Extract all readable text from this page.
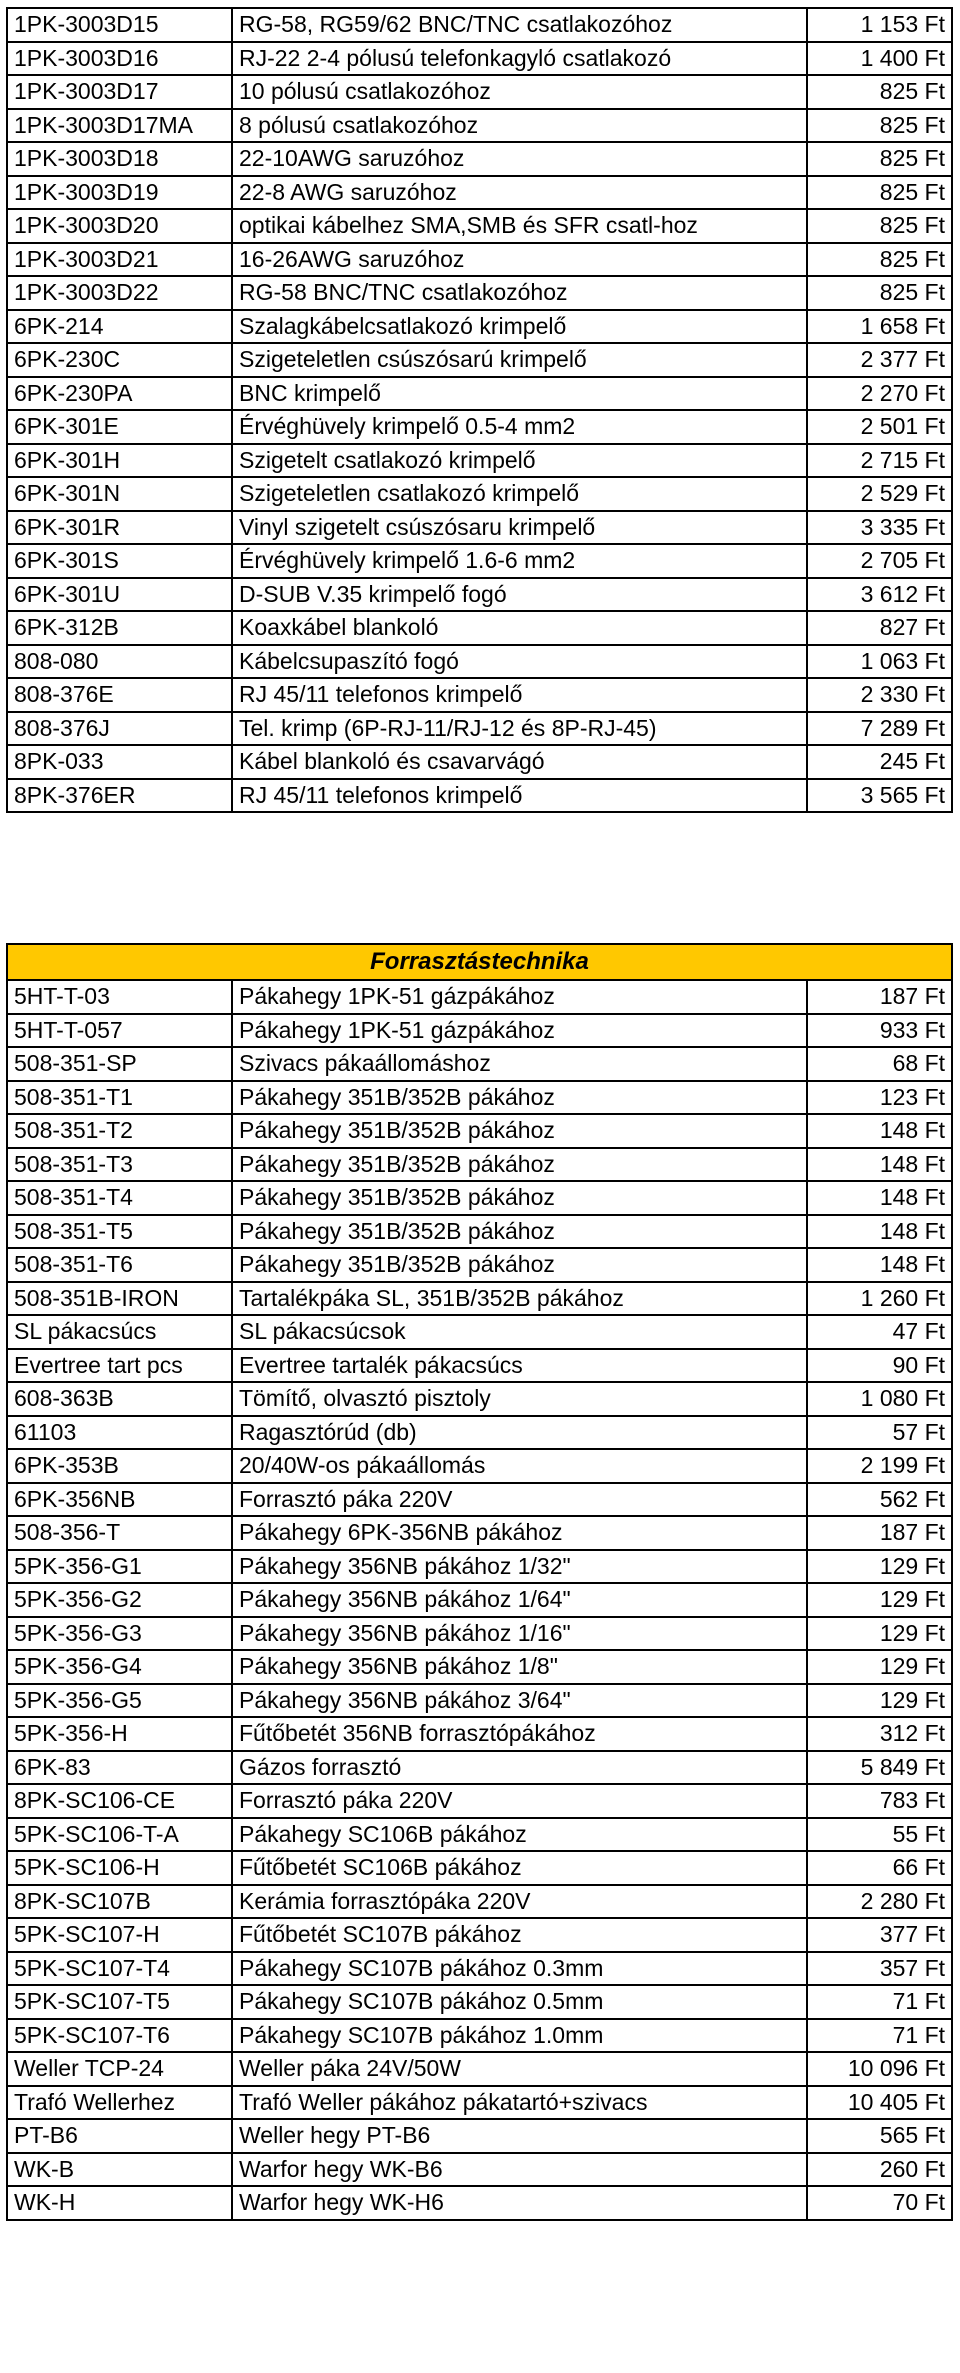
1PK-3003D15	RG-58, RG59/62 BNC/TNC csatlakozóhoz	1 153 Ft
1PK-3003D16	RJ-22 2-4 pólusú telefonkagyló csatlakozó	1 400 Ft
1PK-3003D17	10 pólusú csatlakozóhoz	825 Ft
1PK-3003D17MA	8 pólusú csatlakozóhoz	825 Ft
1PK-3003D18	22-10AWG saruzóhoz	825 Ft
1PK-3003D19	22-8 AWG saruzóhoz	825 Ft
1PK-3003D20	optikai kábelhez SMA,SMB és SFR csatl-hoz	825 Ft
1PK-3003D21	16-26AWG saruzóhoz	825 Ft
1PK-3003D22	RG-58 BNC/TNC csatlakozóhoz	825 Ft
6PK-214	Szalagkábelcsatlakozó krimpelő	1 658 Ft
6PK-230C	Szigeteletlen csúszósarú krimpelő	2 377 Ft
6PK-230PA	BNC krimpelő	2 270 Ft
6PK-301E	Érvéghüvely krimpelő 0.5-4 mm2	2 501 Ft
6PK-301H	Szigetelt csatlakozó krimpelő	2 715 Ft
6PK-301N	Szigeteletlen csatlakozó krimpelő	2 529 Ft
6PK-301R	Vinyl szigetelt csúszósaru krimpelő	3 335 Ft
6PK-301S	Érvéghüvely krimpelő 1.6-6 mm2	2 705 Ft
6PK-301U	D-SUB V.35 krimpelő fogó	3 612 Ft
6PK-312B	Koaxkábel blankoló	827 Ft
808-080	Kábelcsupaszító fogó	1 063 Ft
808-376E	RJ 45/11 telefonos krimpelő	2 330 Ft
808-376J	Tel. krimp (6P-RJ-11/RJ-12 és 8P-RJ-45)	7 289 Ft
8PK-033	Kábel blankoló és csavarvágó	245 Ft
8PK-376ER	RJ 45/11 telefonos krimpelő	3 565 Ft
Forrasztástechnika		
5HT-T-03	Pákahegy 1PK-51 gázpákához	187 Ft
5HT-T-057	Pákahegy 1PK-51 gázpákához	933 Ft
508-351-SP	Szivacs pákaállomáshoz	68 Ft
508-351-T1	Pákahegy 351B/352B pákához	123 Ft
508-351-T2	Pákahegy 351B/352B pákához	148 Ft
508-351-T3	Pákahegy 351B/352B pákához	148 Ft
508-351-T4	Pákahegy 351B/352B pákához	148 Ft
508-351-T5	Pákahegy 351B/352B pákához	148 Ft
508-351-T6	Pákahegy 351B/352B pákához	148 Ft
508-351B-IRON	Tartalékpáka SL, 351B/352B pákához	1 260 Ft
SL pákacsúcs	SL pákacsúcsok	47 Ft
Evertree tart pcs	Evertree tartalék pákacsúcs	90 Ft
608-363B	Tömítő, olvasztó pisztoly	1 080 Ft
61103	Ragasztórúd (db)	57 Ft
6PK-353B	20/40W-os pákaállomás	2 199 Ft
6PK-356NB	Forrasztó páka 220V	562 Ft
508-356-T	Pákahegy 6PK-356NB pákához	187 Ft
5PK-356-G1	Pákahegy 356NB pákához 1/32"	129 Ft
5PK-356-G2	Pákahegy 356NB pákához 1/64"	129 Ft
5PK-356-G3	Pákahegy 356NB pákához 1/16"	129 Ft
5PK-356-G4	Pákahegy 356NB pákához 1/8"	129 Ft
5PK-356-G5	Pákahegy 356NB pákához 3/64"	129 Ft
5PK-356-H	Fűtőbetét 356NB forrasztópákához	312 Ft
6PK-83	Gázos forrasztó	5 849 Ft
8PK-SC106-CE	Forrasztó páka 220V	783 Ft
5PK-SC106-T-A	Pákahegy SC106B pákához	55 Ft
5PK-SC106-H	Fűtőbetét SC106B pákához	66 Ft
8PK-SC107B	Kerámia forrasztópáka 220V	2 280 Ft
5PK-SC107-H	Fűtőbetét SC107B pákához	377 Ft
5PK-SC107-T4	Pákahegy SC107B pákához 0.3mm	357 Ft
5PK-SC107-T5	Pákahegy SC107B pákához 0.5mm	71 Ft
5PK-SC107-T6	Pákahegy SC107B pákához 1.0mm	71 Ft
Weller TCP-24	Weller páka 24V/50W	10 096 Ft
Trafó Wellerhez	Trafó Weller pákához pákatartó+szivacs	10 405 Ft
PT-B6	Weller hegy PT-B6	565 Ft
WK-B	Warfor hegy WK-B6	260 Ft
WK-H	Warfor hegy WK-H6	70 Ft
